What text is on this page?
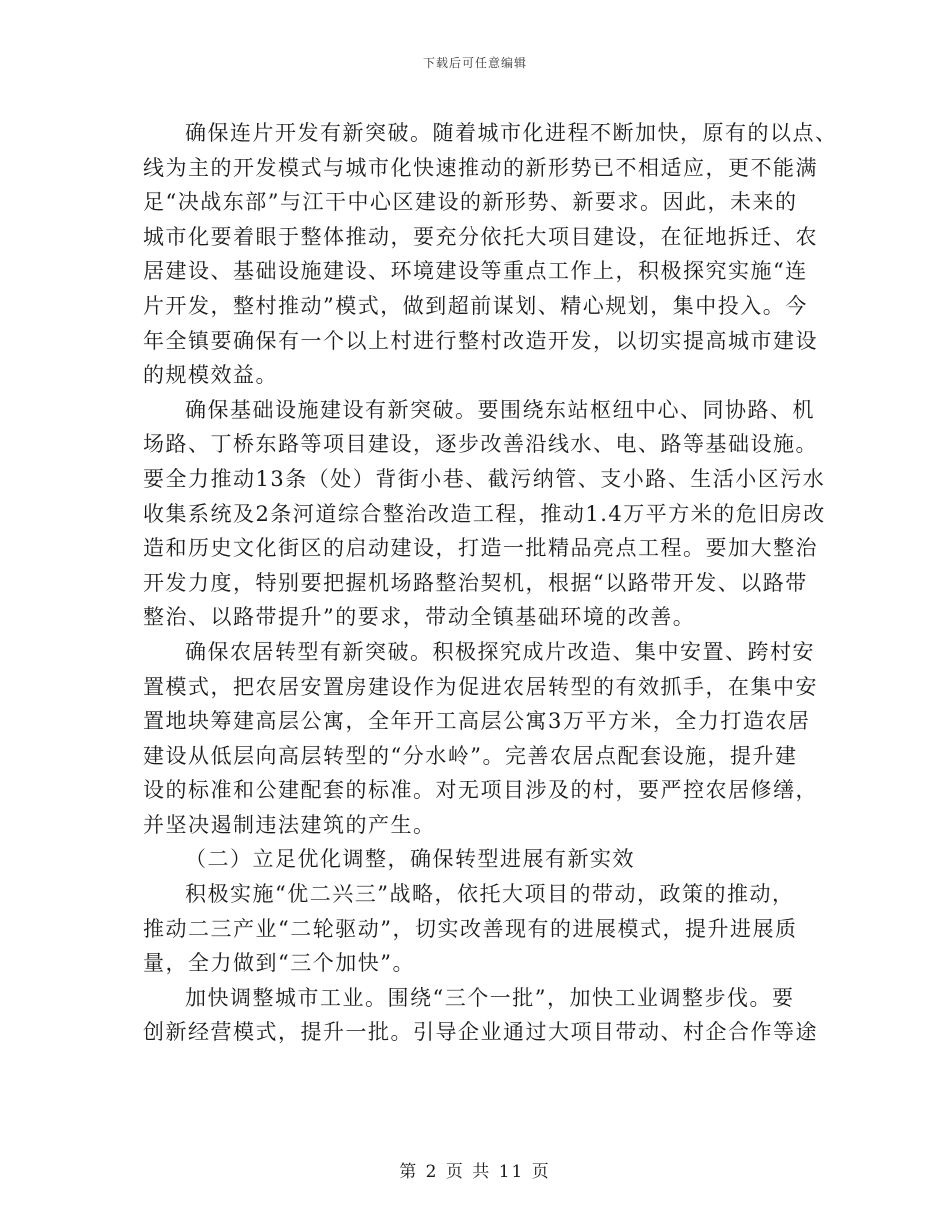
下载后可任意编辑
确保连片开发有新突破。随着城市化进程不断加快，原有的以点、
线为主的开发模式与城市化快速推动的新形势已不相适应，更不能满
足“决战东部”与江干中心区建设的新形势、新要求。因此，未来的
城市化要着眼于整体推动，要充分依托大项目建设，在征地拆迁、农
居建设、基础设施建设、环境建设等重点工作上，积极探究实施“连
片开发，整村推动”模式，做到超前谋划、精心规划，集中投入。今
年全镇要确保有一个以上村进行整村改造开发，以切实提高城市建设
的规模效益。
确保基础设施建设有新突破。要围绕东站枢纽中心、同协路、机
场路、丁桥东路等项目建设，逐步改善沿线水、电、路等基础设施。
要全力推动13条（处）背街小巷、截污纳管、支小路、生活小区污水
收集系统及2条河道综合整治改造工程，推动1.4万平方米的危旧房改
造和历史文化街区的启动建设，打造一批精品亮点工程。要加大整治
开发力度，特别要把握机场路整治契机，根据“以路带开发、以路带
整治、以路带提升”的要求，带动全镇基础环境的改善。
确保农居转型有新突破。积极探究成片改造、集中安置、跨村安
置模式，把农居安置房建设作为促进农居转型的有效抓手，在集中安
置地块筹建高层公寓，全年开工高层公寓3万平方米，全力打造农居
建设从低层向高层转型的“分水岭”。完善农居点配套设施，提升建
设的标准和公建配套的标准。对无项目涉及的村，要严控农居修缮，
并坚决遏制违法建筑的产生。
（二）立足优化调整，确保转型进展有新实效
积极实施“优二兴三”战略，依托大项目的带动，政策的推动，
推动二三产业“二轮驱动”，切实改善现有的进展模式，提升进展质
量，全力做到“三个加快”。
加快调整城市工业。围绕“三个一批”，加快工业调整步伐。要
创新经营模式，提升一批。引导企业通过大项目带动、村企合作等途
第 2 页 共 11 页
